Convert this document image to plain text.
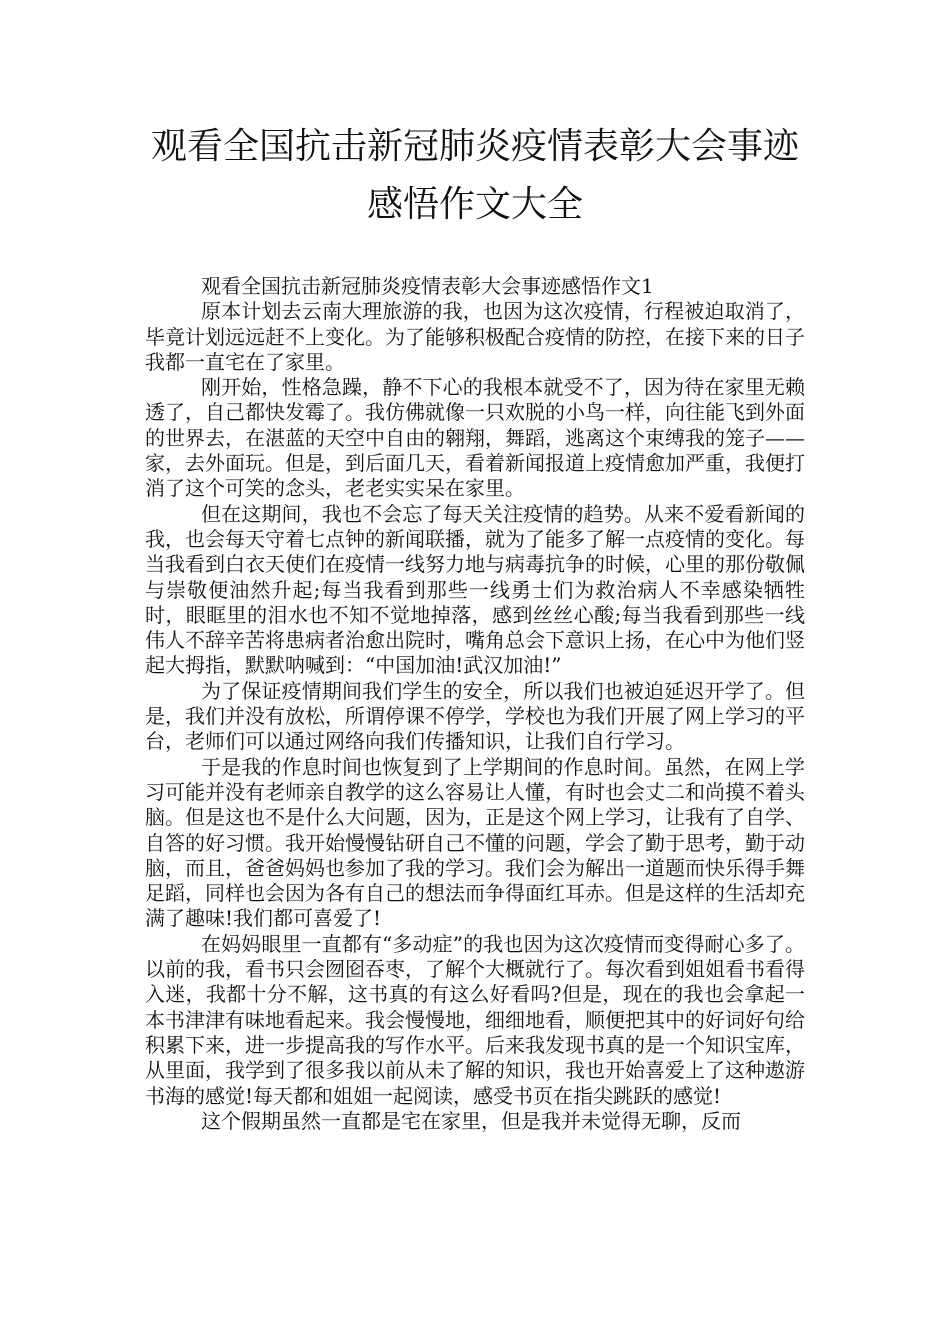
观看全国抗击新冠肺炎疫情表彰大会事迹
感悟作文大全

观看全国抗击新冠肺炎疫情表彰大会事迹感悟作文1

原本计划去云南大理旅游的我，也因为这次疫情，行程被迫取消了，毕竟计划远远赶不上变化。为了能够积极配合疫情的防控，在接下来的日子我都一直宅在了家里。

刚开始，性格急躁，静不下心的我根本就受不了，因为待在家里无赖透了，自己都快发霉了。我仿佛就像一只欢脱的小鸟一样，向往能飞到外面的世界去，在湛蓝的天空中自由的翱翔，舞蹈，逃离这个束缚我的笼子——家，去外面玩。但是，到后面几天，看着新闻报道上疫情愈加严重，我便打消了这个可笑的念头，老老实实呆在家里。

但在这期间，我也不会忘了每天关注疫情的趋势。从来不爱看新闻的我，也会每天守着七点钟的新闻联播，就为了能多了解一点疫情的变化。每当我看到白衣天使们在疫情一线努力地与病毒抗争的时候，心里的那份敬佩与崇敬便油然升起;每当我看到那些一线勇士们为救治病人不幸感染牺牲时，眼眶里的泪水也不知不觉地掉落，感到丝丝心酸;每当我看到那些一线伟人不辞辛苦将患病者治愈出院时，嘴角总会下意识上扬，在心中为他们竖起大拇指，默默呐喊到：“中国加油!武汉加油!”

为了保证疫情期间我们学生的安全，所以我们也被迫延迟开学了。但是，我们并没有放松，所谓停课不停学，学校也为我们开展了网上学习的平台，老师们可以通过网络向我们传播知识，让我们自行学习。

于是我的作息时间也恢复到了上学期间的作息时间。虽然，在网上学习可能并没有老师亲自教学的这么容易让人懂，有时也会丈二和尚摸不着头脑。但是这也不是什么大问题，因为，正是这个网上学习，让我有了自学、自答的好习惯。我开始慢慢钻研自己不懂的问题，学会了勤于思考，勤于动脑，而且，爸爸妈妈也参加了我的学习。我们会为解出一道题而快乐得手舞足蹈，同样也会因为各有自己的想法而争得面红耳赤。但是这样的生活却充满了趣味!我们都可喜爱了!

在妈妈眼里一直都有“多动症”的我也因为这次疫情而变得耐心多了。以前的我，看书只会囫囵吞枣，了解个大概就行了。每次看到姐姐看书看得入迷，我都十分不解，这书真的有这么好看吗?但是，现在的我也会拿起一本书津津有味地看起来。我会慢慢地，细细地看，顺便把其中的好词好句给积累下来，进一步提高我的写作水平。后来我发现书真的是一个知识宝库，从里面，我学到了很多我以前从未了解的知识，我也开始喜爱上了这种遨游书海的感觉!每天都和姐姐一起阅读，感受书页在指尖跳跃的感觉!

这个假期虽然一直都是宅在家里，但是我并未觉得无聊，反而
